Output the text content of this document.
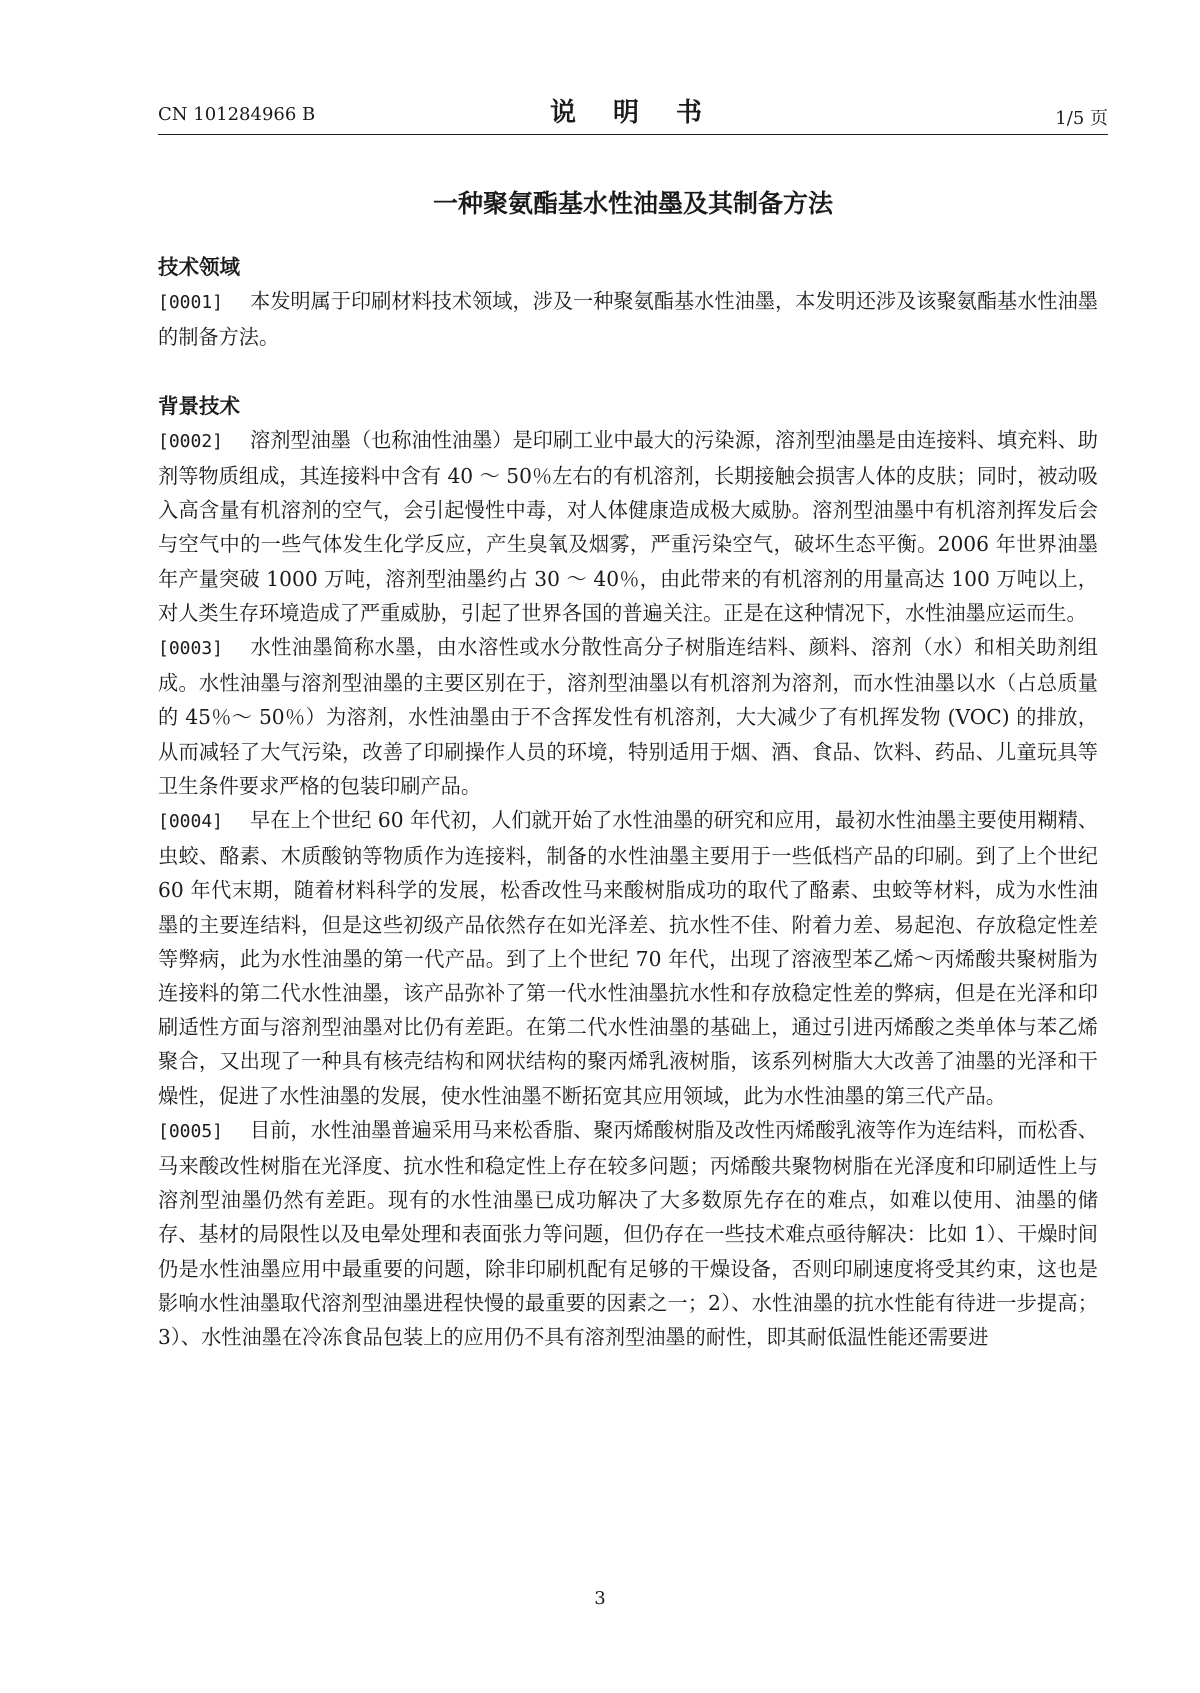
CN 101284966 B	说 明 书	1/5 页
一种聚氨酯基水性油墨及其制备方法
技术领域

[0001] 本发明属于印刷材料技术领域，涉及一种聚氨酯基水性油墨，本发明还涉及该聚氨酯基水性油墨的制备方法。

背景技术

[0002] 溶剂型油墨（也称油性油墨）是印刷工业中最大的污染源，溶剂型油墨是由连接料、填充料、助剂等物质组成，其连接料中含有 40 ～ 50％左右的有机溶剂，长期接触会损害人体的皮肤；同时，被动吸入高含量有机溶剂的空气，会引起慢性中毒，对人体健康造成极大威胁。溶剂型油墨中有机溶剂挥发后会与空气中的一些气体发生化学反应，产生臭氧及烟雾，严重污染空气，破坏生态平衡。2006 年世界油墨年产量突破 1000 万吨，溶剂型油墨约占 30 ～ 40％，由此带来的有机溶剂的用量高达 100 万吨以上，对人类生存环境造成了严重威胁，引起了世界各国的普遍关注。正是在这种情况下，水性油墨应运而生。

[0003] 水性油墨简称水墨，由水溶性或水分散性高分子树脂连结料、颜料、溶剂（水）和相关助剂组成。水性油墨与溶剂型油墨的主要区别在于，溶剂型油墨以有机溶剂为溶剂，而水性油墨以水（占总质量的 45％～ 50％）为溶剂，水性油墨由于不含挥发性有机溶剂，大大减少了有机挥发物 (VOC) 的排放，从而减轻了大气污染，改善了印刷操作人员的环境，特别适用于烟、酒、食品、饮料、药品、儿童玩具等卫生条件要求严格的包装印刷产品。

[0004] 早在上个世纪 60 年代初，人们就开始了水性油墨的研究和应用，最初水性油墨主要使用糊精、虫蛟、酪素、木质酸钠等物质作为连接料，制备的水性油墨主要用于一些低档产品的印刷。到了上个世纪 60 年代末期，随着材料科学的发展，松香改性马来酸树脂成功的取代了酪素、虫蛟等材料，成为水性油墨的主要连结料，但是这些初级产品依然存在如光泽差、抗水性不佳、附着力差、易起泡、存放稳定性差等弊病，此为水性油墨的第一代产品。到了上个世纪 70 年代，出现了溶液型苯乙烯～丙烯酸共聚树脂为连接料的第二代水性油墨，该产品弥补了第一代水性油墨抗水性和存放稳定性差的弊病，但是在光泽和印刷适性方面与溶剂型油墨对比仍有差距。在第二代水性油墨的基础上，通过引进丙烯酸之类单体与苯乙烯聚合，又出现了一种具有核壳结构和网状结构的聚丙烯乳液树脂，该系列树脂大大改善了油墨的光泽和干燥性，促进了水性油墨的发展，使水性油墨不断拓宽其应用领域，此为水性油墨的第三代产品。

[0005] 目前，水性油墨普遍采用马来松香脂、聚丙烯酸树脂及改性丙烯酸乳液等作为连结料，而松香、马来酸改性树脂在光泽度、抗水性和稳定性上存在较多问题；丙烯酸共聚物树脂在光泽度和印刷适性上与溶剂型油墨仍然有差距。现有的水性油墨已成功解决了大多数原先存在的难点，如难以使用、油墨的储存、基材的局限性以及电晕处理和表面张力等问题，但仍存在一些技术难点亟待解决：比如 1）、干燥时间仍是水性油墨应用中最重要的问题，除非印刷机配有足够的干燥设备，否则印刷速度将受其约束，这也是影响水性油墨取代溶剂型油墨进程快慢的最重要的因素之一；2）、水性油墨的抗水性能有待进一步提高；3）、水性油墨在冷冻食品包装上的应用仍不具有溶剂型油墨的耐性，即其耐低温性能还需要进

3
